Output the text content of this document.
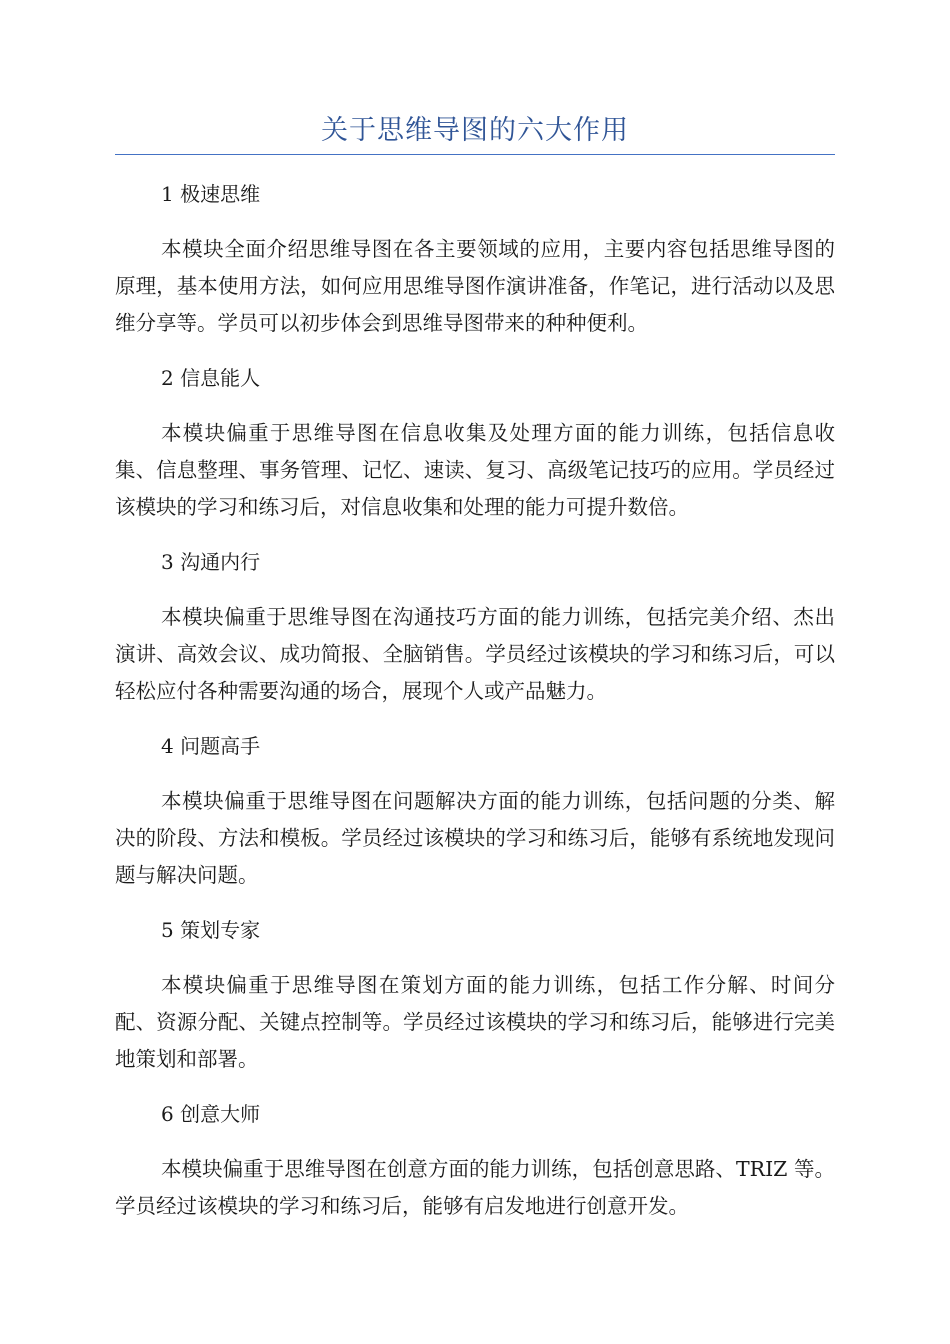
关于思维导图的六大作用

1 极速思维

本模块全面介绍思维导图在各主要领域的应用，主要内容包括思维导图的原理，基本使用方法，如何应用思维导图作演讲准备，作笔记，进行活动以及思维分享等。学员可以初步体会到思维导图带来的种种便利。

2 信息能人

本模块偏重于思维导图在信息收集及处理方面的能力训练，包括信息收集、信息整理、事务管理、记忆、速读、复习、高级笔记技巧的应用。学员经过该模块的学习和练习后，对信息收集和处理的能力可提升数倍。

3 沟通内行

本模块偏重于思维导图在沟通技巧方面的能力训练，包括完美介绍、杰出演讲、高效会议、成功简报、全脑销售。学员经过该模块的学习和练习后，可以轻松应付各种需要沟通的场合，展现个人或产品魅力。

4 问题高手

本模块偏重于思维导图在问题解决方面的能力训练，包括问题的分类、解决的阶段、方法和模板。学员经过该模块的学习和练习后，能够有系统地发现问题与解决问题。

5 策划专家

本模块偏重于思维导图在策划方面的能力训练，包括工作分解、时间分配、资源分配、关键点控制等。学员经过该模块的学习和练习后，能够进行完美地策划和部署。

6 创意大师

本模块偏重于思维导图在创意方面的能力训练，包括创意思路、TRIZ 等。学员经过该模块的学习和练习后，能够有启发地进行创意开发。
